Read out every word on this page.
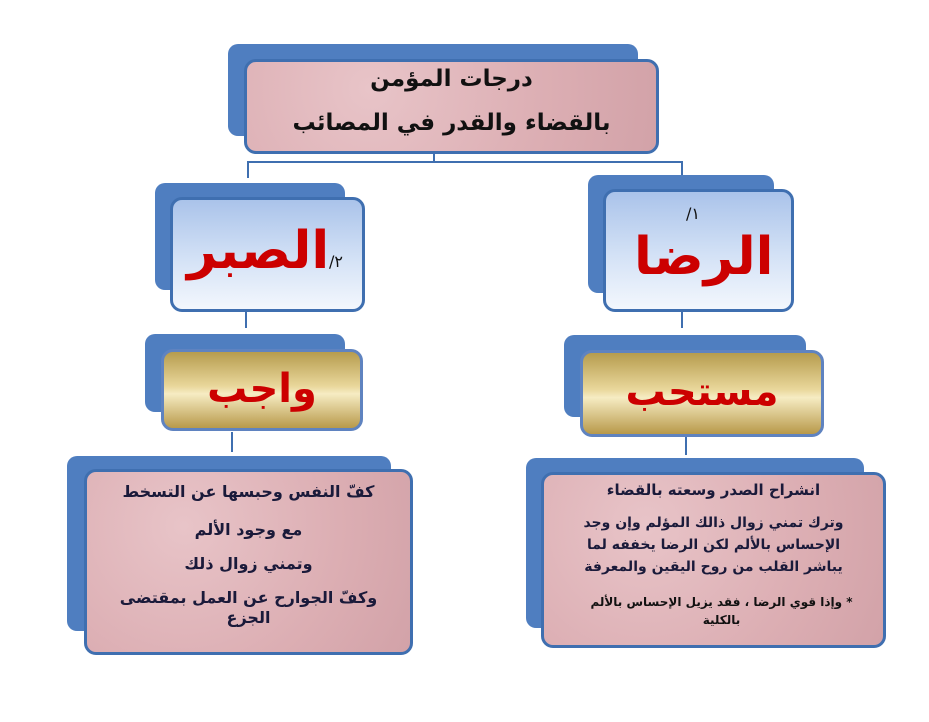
درجات المؤمن
بالقضاء والقدر في المصائب
الصبر ٢/
١/
الرضا
واجب	مستحب
كفّ النفس وحبسها عن التسخط
مع وجود الألم
وتمني زوال ذلك
وكفّ الجوارح عن العمل بمقتضى الجزع
انشراح الصدر وسعته بالقضاء
وترك تمني زوال ذالك المؤلم وإن وجد
الإحساس بالألم لكن الرضا يخففه لما
يباشر القلب من روح اليقين والمعرفة
* وإذا قوي الرضا ، فقد يزيل الإحساس بالألم بالكلية
